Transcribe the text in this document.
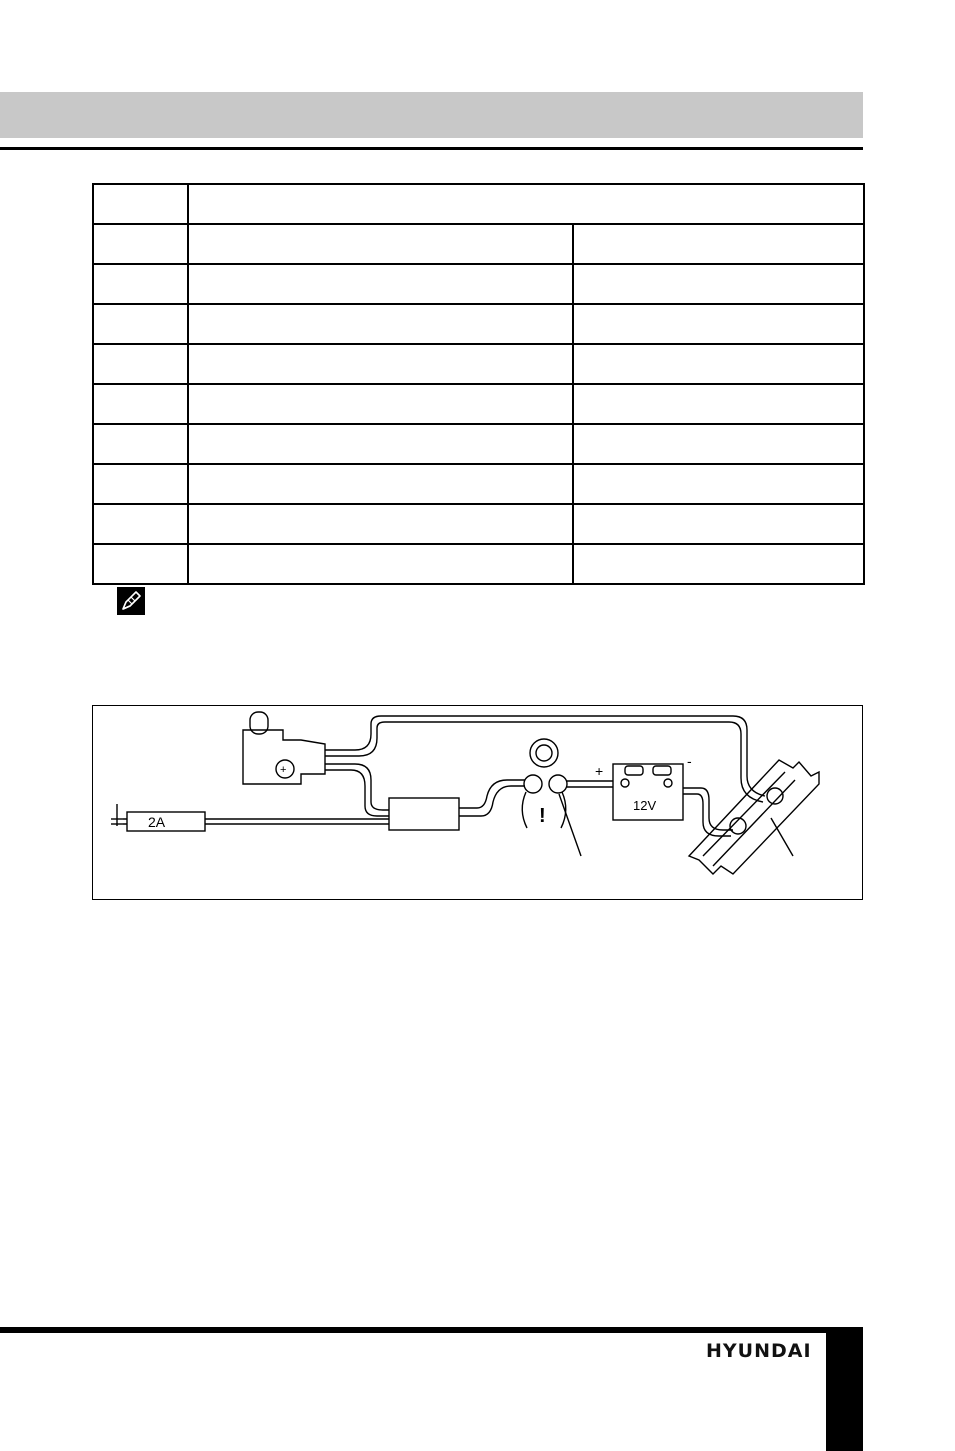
2A
12V
+
-
!
+
HYUNDAI
